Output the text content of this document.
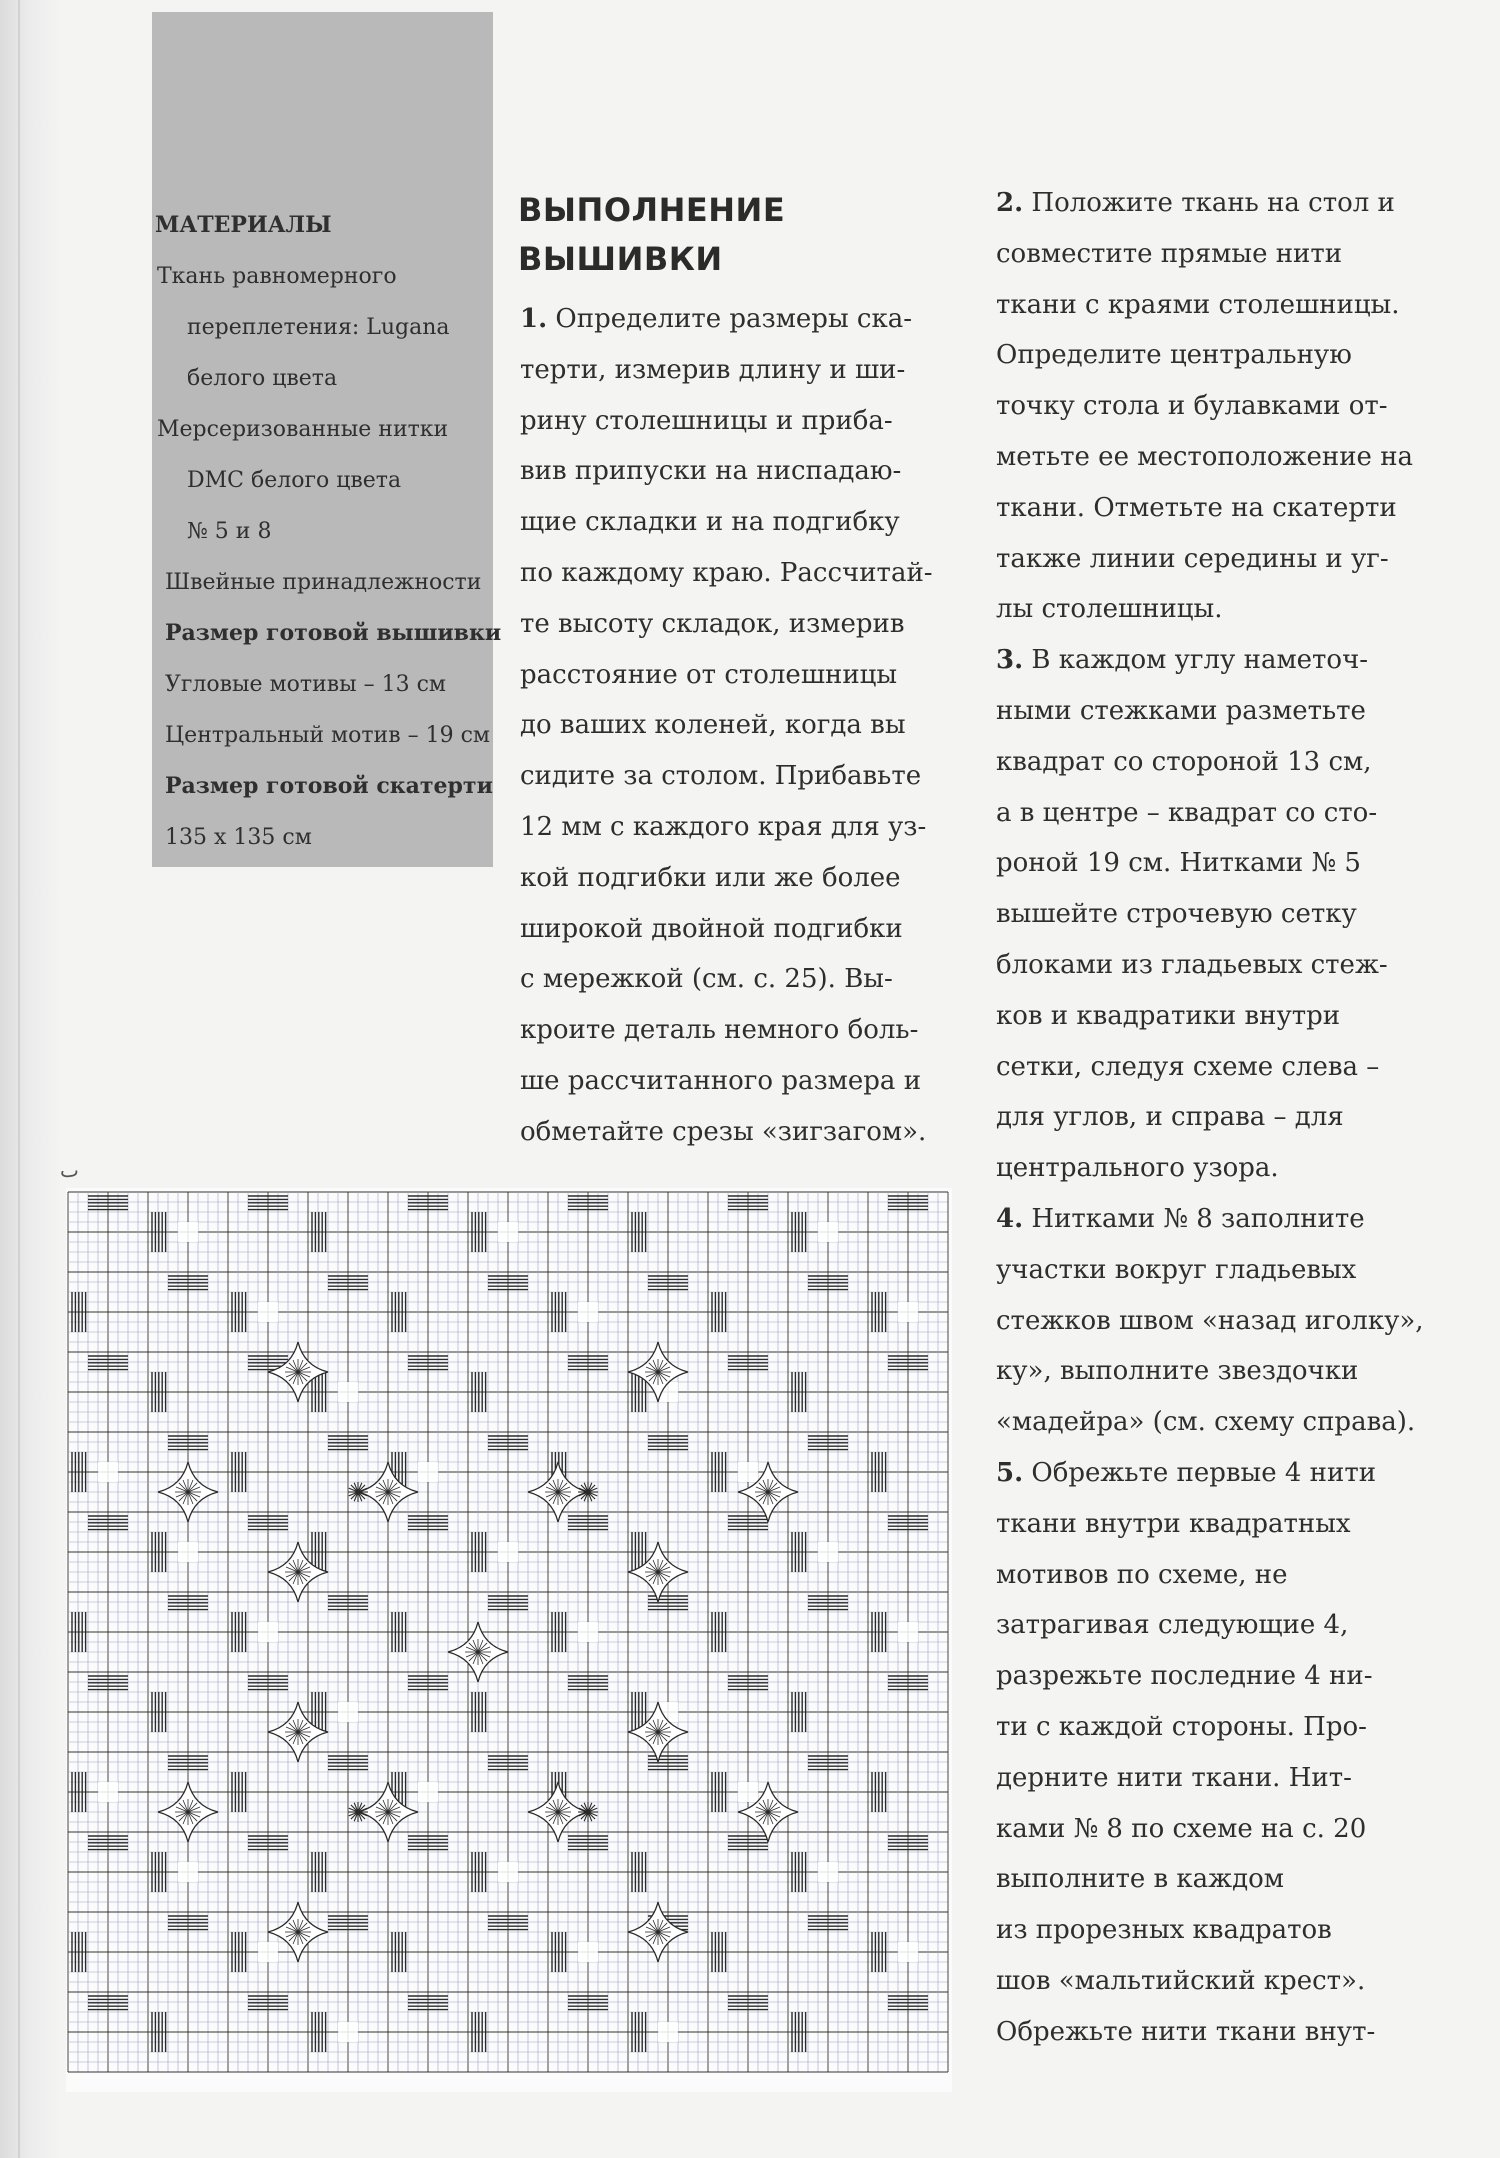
МАТЕРИАЛЫ
Ткань равномерного
переплетения: Lugana
белого цвета
Мерсеризованные нитки
DMC белого цвета
№ 5 и 8
Швейные принадлежности
Размер готовой вышивки
Угловые мотивы – 13 см
Центральный мотив – 19 см
Размер готовой скатерти
135 x 135 см
ВЫПОЛНЕНИЕ
ВЫШИВКИ

1. Определите размеры ска-

терти, измерив длину и ши-

рину столешницы и приба-

вив припуски на ниспадаю-

щие складки и на подгибку

по каждому краю. Рассчитай-

те высоту складок, измерив

расстояние от столешницы

до ваших коленей, когда вы

сидите за столом. Прибавьте

12 мм с каждого края для уз-

кой подгибки или же более

широкой двойной подгибки

с мережкой (см. с. 25). Вы-

кроите деталь немного боль-

ше рассчитанного размера и

обметайте срезы «зигзагом».

2. Положите ткань на стол и

совместите прямые нити

ткани с краями столешницы.

Определите центральную

точку стола и булавками от-

метьте ее местоположение на

ткани. Отметьте на скатерти

также линии середины и уг-

лы столешницы.

3. В каждом углу наметоч-

ными стежками разметьте

квадрат со стороной 13 см,

а в центре – квадрат со сто-

роной 19 см. Нитками № 5

вышейте строчевую сетку

блоками из гладьевых стеж-

ков и квадратики внутри

сетки, следуя схеме слева –

для углов, и справа – для

центрального узора.

4. Нитками № 8 заполните

участки вокруг гладьевых

стежков швом «назад иголку»,

ку», выполните звездочки

«мадейра» (см. схему справа).

5. Обрежьте первые 4 нити

ткани внутри квадратных

мотивов по схеме, не

затрагивая следующие 4,

разрежьте последние 4 ни-

ти с каждой стороны. Про-

дерните нити ткани. Нит-

ками № 8 по схеме на с. 20

выполните в каждом

из прорезных квадратов

шов «мальтийский крест».

Обрежьте нити ткани внут-

ٮ
